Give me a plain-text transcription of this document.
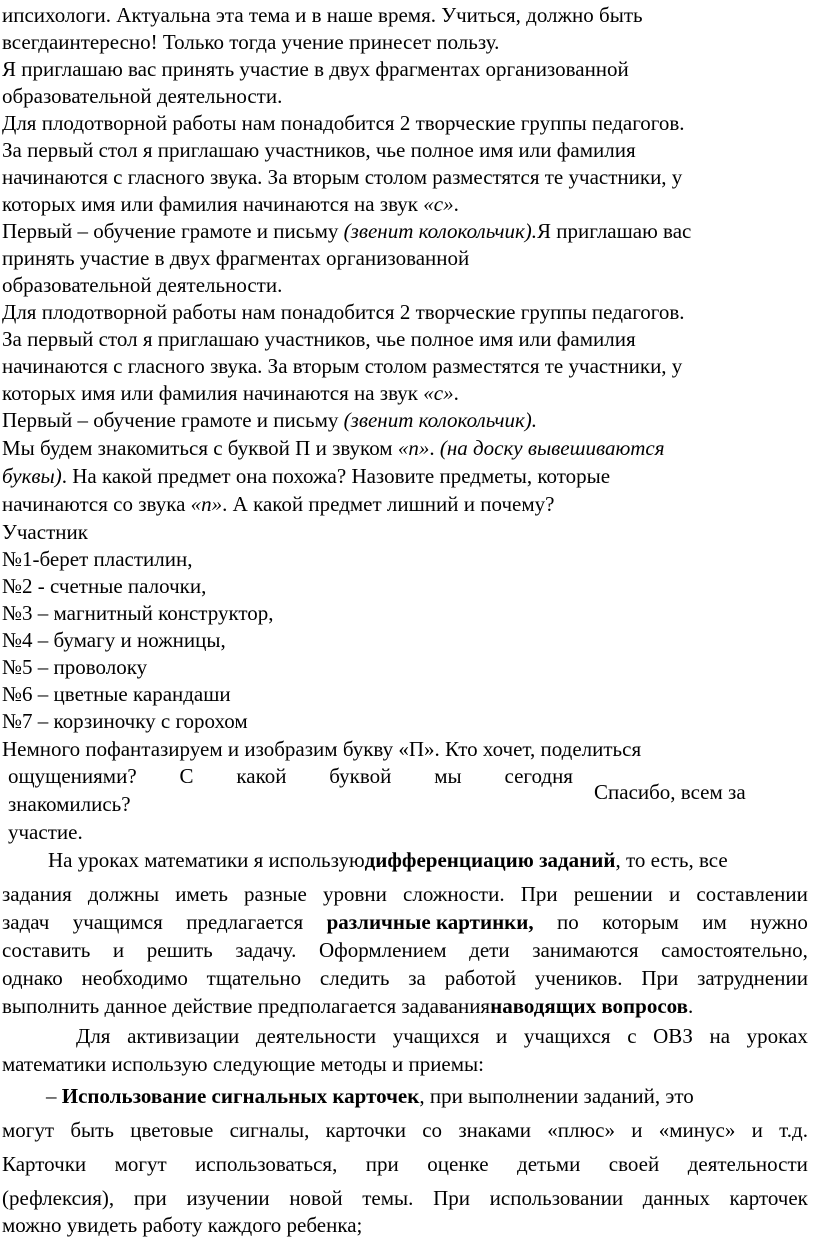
ипсихологи. Актуальна эта тема и в наше время. Учиться, должно быть
всегдаинтересно! Только тогда учение принесет пользу.
Я приглашаю вас принять участие в двух фрагментах организованной
образовательной деятельности.
Для плодотворной работы нам понадобится 2 творческие группы педагогов.
За первый стол я приглашаю участников, чье полное имя или фамилия
начинаются с гласного звука. За вторым столом разместятся те участники, у
которых имя или фамилия начинаются на звук «с».
Первый – обучение грамоте и письму (звенит колокольчик).Я приглашаю вас
принять участие в двух фрагментах организованной
образовательной деятельности.
Для плодотворной работы нам понадобится 2 творческие группы педагогов.
За первый стол я приглашаю участников, чье полное имя или фамилия
начинаются с гласного звука. За вторым столом разместятся те участники, у
которых имя или фамилия начинаются на звук «с».
Первый – обучение грамоте и письму (звенит колокольчик).
Мы будем знакомиться с буквой П и звуком «п». (на доску вывешиваются
буквы). На какой предмет она похожа? Назовите предметы, которые
начинаются со звука «п». А какой предмет лишний и почему?
Участник
№1-берет пластилин,
№2 - счетные палочки,
№3 – магнитный конструктор,
№4 – бумагу и ножницы,
№5 – проволоку
№6 – цветные карандаши
№7 – корзиночку с горохом
Немного пофантазируем и изобразим букву «П». Кто хочет, поделиться
ощущениями? С какой буквой мы сегодня
знакомились?
участие.
Спасибо, всем за
На уроках математики я используюдифференциацию заданий, то есть, все
задания должны иметь разные уровни сложности. При решении и составлении
задач учащимся предлагается различные картинки, по которым им нужно
составить и решить задачу. Оформлением дети занимаются самостоятельно,
однако необходимо тщательно следить за работой учеников. При затруднении
выполнить данное действие предполагается задаваниянаводящих вопросов.
Для активизации деятельности учащихся и учащихся с ОВЗ на уроках
математики использую следующие методы и приемы:
– Использование сигнальных карточек, при выполнении заданий, это
могут быть цветовые сигналы, карточки со знаками «плюс» и «минус» и т.д.
Карточки могут использоваться, при оценке детьми своей деятельности
(рефлексия), при изучении новой темы. При использовании данных карточек
можно увидеть работу каждого ребенка;
